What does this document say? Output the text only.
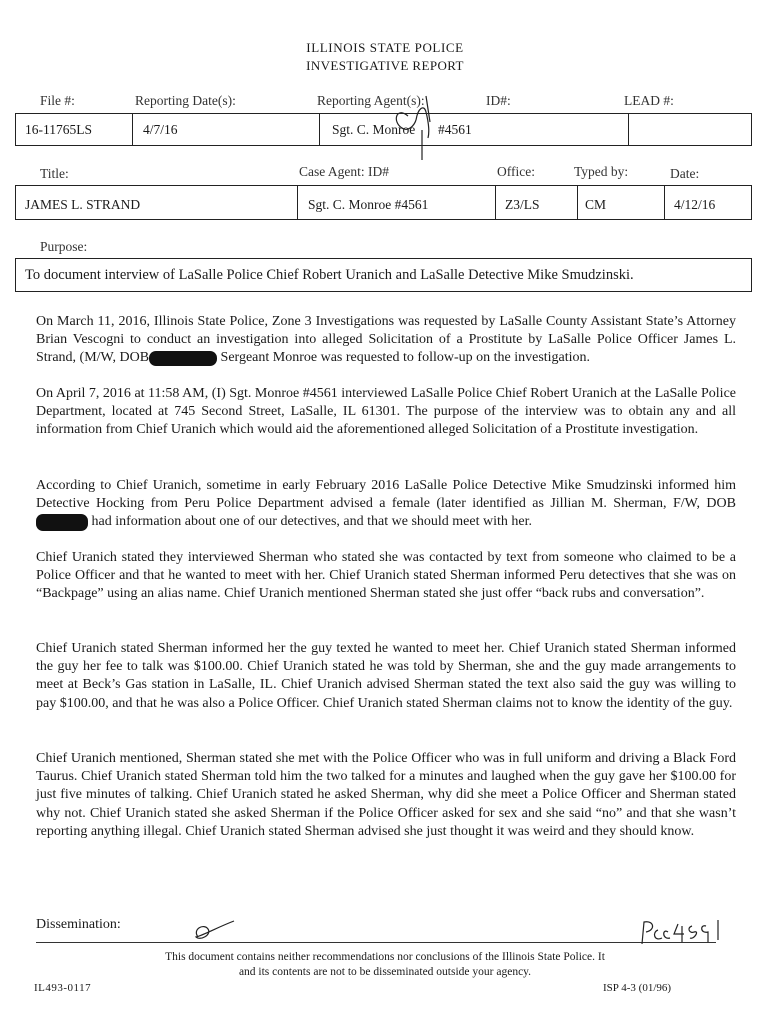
ILLINOIS STATE POLICE
INVESTIGATIVE REPORT
File #:	Reporting Date(s):	Reporting Agent(s):	ID#:	LEAD #:
16-11765LS	4/7/16	Sgt. C. Monroe #4561
Title:	Case Agent: ID#	Office:	Typed by:	Date:
JAMES L. STRAND	Sgt. C. Monroe #4561	Z3/LS	CM	4/12/16
Purpose:
To document interview of LaSalle Police Chief Robert Uranich and LaSalle Detective Mike Smudzinski.
On March 11, 2016, Illinois State Police, Zone 3 Investigations was requested by LaSalle County Assistant State’s Attorney Brian Vescogni to conduct an investigation into alleged Solicitation of a Prostitute by LaSalle Police Officer James L. Strand, (M/W, DOB	Sergeant Monroe was requested to follow-up on the investigation.
On April 7, 2016 at 11:58 AM, (I) Sgt. Monroe #4561 interviewed LaSalle Police Chief Robert Uranich at the LaSalle Police Department, located at 745 Second Street, LaSalle, IL 61301. The purpose of the interview was to obtain any and all information from Chief Uranich which would aid the aforementioned alleged Solicitation of a Prostitute investigation.
According to Chief Uranich, sometime in early February 2016 LaSalle Police Detective Mike Smudzinski informed him Detective Hocking from Peru Police Department advised a female (later identified as Jillian M. Sherman, F/W, DOB had information about one of our detectives, and that we should meet with her.
Chief Uranich stated they interviewed Sherman who stated she was contacted by text from someone who claimed to be a Police Officer and that he wanted to meet with her. Chief Uranich stated Sherman informed Peru detectives that she was on “Backpage” using an alias name. Chief Uranich mentioned Sherman stated she just offer “back rubs and conversation”.
Chief Uranich stated Sherman informed her the guy texted he wanted to meet her. Chief Uranich stated Sherman informed the guy her fee to talk was $100.00. Chief Uranich stated he was told by Sherman, she and the guy made arrangements to meet at Beck’s Gas station in LaSalle, IL. Chief Uranich advised Sherman stated the text also said the guy was willing to pay $100.00, and that he was also a Police Officer. Chief Uranich stated Sherman claims not to know the identity of the guy.
Chief Uranich mentioned, Sherman stated she met with the Police Officer who was in full uniform and driving a Black Ford Taurus. Chief Uranich stated Sherman told him the two talked for a minutes and laughed when the guy gave her $100.00 for just five minutes of talking. Chief Uranich stated he asked Sherman, why did she meet a Police Officer and Sherman stated why not. Chief Uranich stated she asked Sherman if the Police Officer asked for sex and she said “no” and that she wasn’t reporting anything illegal. Chief Uranich stated Sherman advised she just thought it was weird and they should know.
Dissemination:
This document contains neither recommendations nor conclusions of the Illinois State Police. It
and its contents are not to be disseminated outside your agency.
IL493-0117	ISP 4-3 (01/96)
